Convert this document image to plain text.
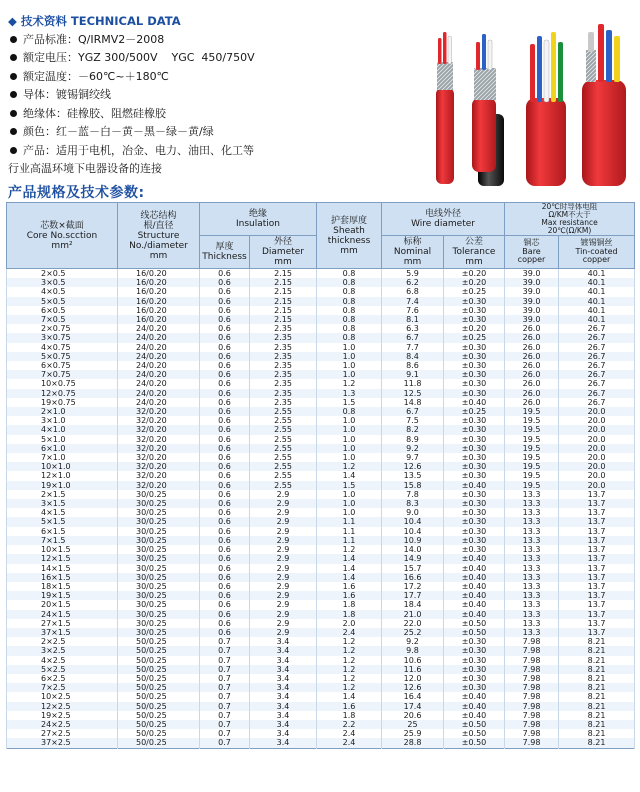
◆ 技术资料 TECHNICAL DATA
产品标准：Q/IRMV2－2008
额定电压：YGZ 300/500V    YGC  450/750V
额定温度：－60℃~＋180℃
导体：镀锡铜绞线
绝缘体：硅橡胶、阻燃硅橡胶
颜色：红－蓝－白－黄－黑－绿－黄/绿
产品：适用于电机，冶金、电力、油田、化工等
行业高温环境下电器设备的连接
产品规格及技术参数:
芯数×截面
Core No.scction
mm²	线芯结构
根/直径
Structure
No./diameter
mm	绝缘
Insulation		护套厚度
Sheath
thickness
mm	电线外径
Wire diameter		20℃时导体电阻
Ω/KM不大于
Max resistance
20℃(Ω/KM)	
		厚度
Thickness	外径
Diameter
mm		标称
Nominal
mm	公差
Tolerance
mm	铜芯
Bare
copper	镀锡铜丝
Tin-coated
copper
2×0.5	16/0.20	0.6	2.15	0.8	5.9	±0.20	39.0	40.1
3×0.5	16/0.20	0.6	2.15	0.8	6.2	±0.20	39.0	40.1
4×0.5	16/0.20	0.6	2.15	0.8	6.8	±0.25	39.0	40.1
5×0.5	16/0.20	0.6	2.15	0.8	7.4	±0.30	39.0	40.1
6×0.5	16/0.20	0.6	2.15	0.8	7.6	±0.30	39.0	40.1
7×0.5	16/0.20	0.6	2.15	0.8	8.1	±0.30	39.0	40.1
2×0.75	24/0.20	0.6	2.35	0.8	6.3	±0.20	26.0	26.7
3×0.75	24/0.20	0.6	2.35	0.8	6.7	±0.25	26.0	26.7
4×0.75	24/0.20	0.6	2.35	1.0	7.7	±0.30	26.0	26.7
5×0.75	24/0.20	0.6	2.35	1.0	8.4	±0.30	26.0	26.7
6×0.75	24/0.20	0.6	2.35	1.0	8.6	±0.30	26.0	26.7
7×0.75	24/0.20	0.6	2.35	1.0	9.1	±0.30	26.0	26.7
10×0.75	24/0.20	0.6	2.35	1.2	11.8	±0.30	26.0	26.7
12×0.75	24/0.20	0.6	2.35	1.3	12.5	±0.30	26.0	26.7
19×0.75	24/0.20	0.6	2.35	1.5	14.8	±0.40	26.0	26.7
2×1.0	32/0.20	0.6	2.55	0.8	6.7	±0.25	19.5	20.0
3×1.0	32/0.20	0.6	2.55	1.0	7.5	±0.30	19.5	20.0
4×1.0	32/0.20	0.6	2.55	1.0	8.2	±0.30	19.5	20.0
5×1.0	32/0.20	0.6	2.55	1.0	8.9	±0.30	19.5	20.0
6×1.0	32/0.20	0.6	2.55	1.0	9.2	±0.30	19.5	20.0
7×1.0	32/0.20	0.6	2.55	1.0	9.7	±0.30	19.5	20.0
10×1.0	32/0.20	0.6	2.55	1.2	12.6	±0.30	19.5	20.0
12×1.0	32/0.20	0.6	2.55	1.4	13.5	±0.30	19.5	20.0
19×1.0	32/0.20	0.6	2.55	1.5	15.8	±0.40	19.5	20.0
2×1.5	30/0.25	0.6	2.9	1.0	7.8	±0.30	13.3	13.7
3×1.5	30/0.25	0.6	2.9	1.0	8.3	±0.30	13.3	13.7
4×1.5	30/0.25	0.6	2.9	1.0	9.0	±0.30	13.3	13.7
5×1.5	30/0.25	0.6	2.9	1.1	10.4	±0.30	13.3	13.7
6×1.5	30/0.25	0.6	2.9	1.1	10.4	±0.30	13.3	13.7
7×1.5	30/0.25	0.6	2.9	1.1	10.9	±0.30	13.3	13.7
10×1.5	30/0.25	0.6	2.9	1.2	14.0	±0.30	13.3	13.7
12×1.5	30/0.25	0.6	2.9	1.4	14.9	±0.40	13.3	13.7
14×1.5	30/0.25	0.6	2.9	1.4	15.7	±0.40	13.3	13.7
16×1.5	30/0.25	0.6	2.9	1.4	16.6	±0.40	13.3	13.7
18×1.5	30/0.25	0.6	2.9	1.6	17.2	±0.40	13.3	13.7
19×1.5	30/0.25	0.6	2.9	1.6	17.7	±0.40	13.3	13.7
20×1.5	30/0.25	0.6	2.9	1.8	18.4	±0.40	13.3	13.7
24×1.5	30/0.25	0.6	2.9	1.8	21.0	±0.40	13.3	13.7
27×1.5	30/0.25	0.6	2.9	2.0	22.0	±0.50	13.3	13.7
37×1.5	30/0.25	0.6	2.9	2.4	25.2	±0.50	13.3	13.7
2×2.5	50/0.25	0.7	3.4	1.2	9.2	±0.30	7.98	8.21
3×2.5	50/0.25	0.7	3.4	1.2	9.8	±0.30	7.98	8.21
4×2.5	50/0.25	0.7	3.4	1.2	10.6	±0.30	7.98	8.21
5×2.5	50/0.25	0.7	3.4	1.2	11.6	±0.30	7.98	8.21
6×2.5	50/0.25	0.7	3.4	1.2	12.0	±0.30	7.98	8.21
7×2.5	50/0.25	0.7	3.4	1.2	12.6	±0.30	7.98	8.21
10×2.5	50/0.25	0.7	3.4	1.4	16.4	±0.40	7.98	8.21
12×2.5	50/0.25	0.7	3.4	1.6	17.4	±0.40	7.98	8.21
19×2.5	50/0.25	0.7	3.4	1.8	20.6	±0.40	7.98	8.21
24×2.5	50/0.25	0.7	3.4	2.2	25	±0.50	7.98	8.21
27×2.5	50/0.25	0.7	3.4	2.4	25.9	±0.50	7.98	8.21
37×2.5	50/0.25	0.7	3.4	2.4	28.8	±0.50	7.98	8.21
